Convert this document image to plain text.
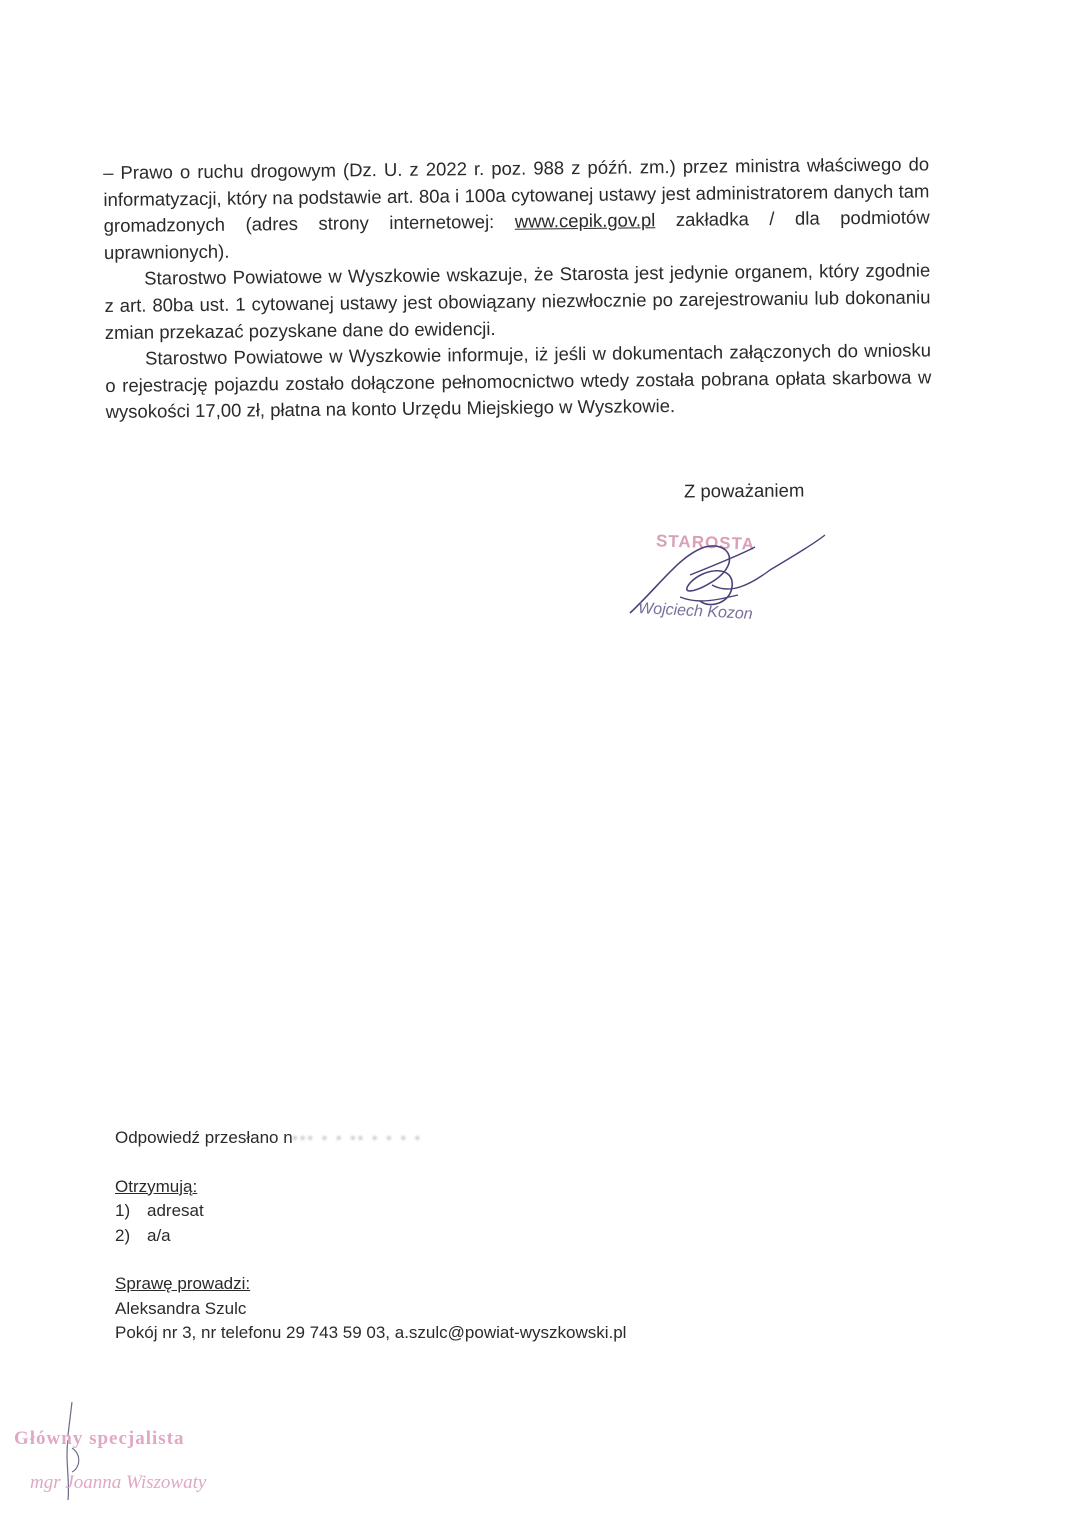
– Prawo o ruchu drogowym (Dz. U. z 2022 r. poz. 988 z późń. zm.) przez ministra właściwego do informatyzacji, który na podstawie art. 80a i 100a cytowanej ustawy jest administratorem danych tam gromadzonych (adres strony internetowej: www.cepik.gov.pl zakładka / dla podmiotów uprawnionych).

Starostwo Powiatowe w Wyszkowie wskazuje, że Starosta jest jedynie organem, który zgodnie z art. 80ba ust. 1 cytowanej ustawy jest obowiązany niezwłocznie po zarejestrowaniu lub dokonaniu zmian przekazać pozyskane dane do ewidencji.

Starostwo Powiatowe w Wyszkowie informuje, iż jeśli w dokumentach załączonych do wniosku o rejestrację pojazdu zostało dołączone pełnomocnictwo wtedy została pobrana opłata skarbowa w wysokości 17,00 zł, płatna na konto Urzędu Miejskiego w Wyszkowie.

Z poważaniem
STAROSTA
Wojciech Kozon
Odpowiedź przesłano n▪▪▪ ▪ ▪ ▪▪ ▪ ▪ ▪ ▪
Otrzymują:
1) adresat
2) a/a
Sprawę prowadzi:
Aleksandra Szulc
Pokój nr 3, nr telefonu 29 743 59 03, a.szulc@powiat-wyszkowski.pl
Główny specjalista
mgr Joanna Wiszowaty
